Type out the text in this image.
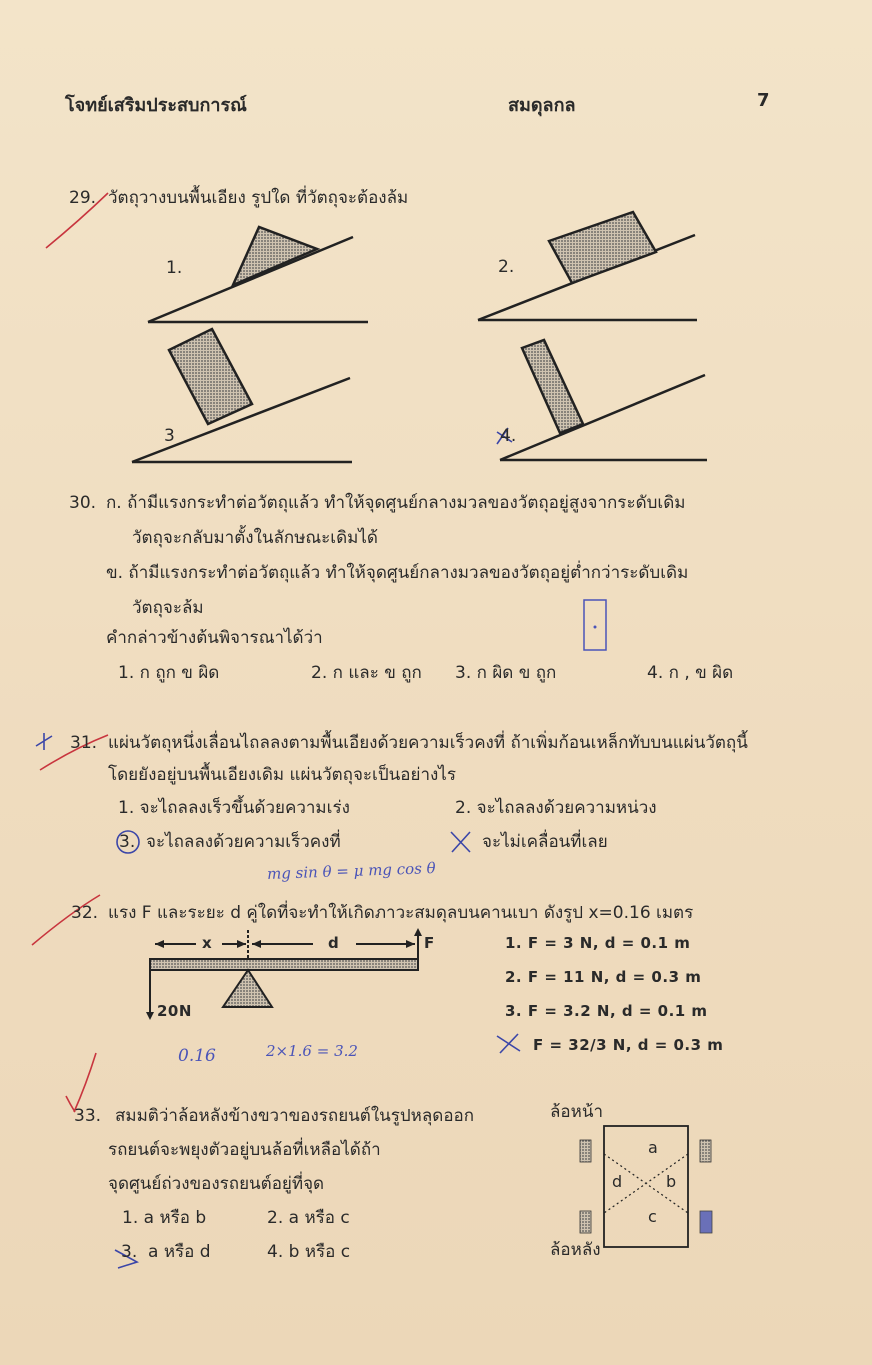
โจทย์เสริมประสบการณ์	สมดุลกล	7
29. วัตถุวางบนพื้นเอียง รูปใด ที่วัตถุจะต้องล้ม
1.	2.
3	4.
30. ก. ถ้ามีแรงกระทำต่อวัตถุแล้ว ทำให้จุดศูนย์กลางมวลของวัตถุอยู่สูงจากระดับเดิม
วัตถุจะกลับมาตั้งในลักษณะเดิมได้
ข. ถ้ามีแรงกระทำต่อวัตถุแล้ว ทำให้จุดศูนย์กลางมวลของวัตถุอยู่ต่ำกว่าระดับเดิม
วัตถุจะล้ม
คำกล่าวข้างต้นพิจารณาได้ว่า
1. ก ถูก ข ผิด	2. ก และ ข ถูก 3. ก ผิด ข ถูก	4. ก , ข ผิด
31. แผ่นวัตถุหนึ่งเลื่อนไถลลงตามพื้นเอียงด้วยความเร็วคงที่ ถ้าเพิ่มก้อนเหล็กทับบนแผ่นวัตถุนี้
โดยยังอยู่บนพื้นเอียงเดิม แผ่นวัตถุจะเป็นอย่างไร
1. จะไถลลงเร็วขึ้นด้วยความเร่ง	2. จะไถลลงด้วยความหน่วง
3. จะไถลลงด้วยความเร็วคงที่	จะไม่เคลื่อนที่เลย
mg sin θ = μ mg cos θ
32. แรง F และระยะ d คู่ใดที่จะทำให้เกิดภาวะสมดุลบนคานเบา ดังรูป x=0.16 เมตร
x	d	F
20N
1. F = 3 N, d = 0.1 m
2. F = 11 N, d = 0.3 m
3. F = 3.2 N, d = 0.1 m
F = 32/3 N, d = 0.3 m
0.16	2×1.6 = 3.2
33. สมมติว่าล้อหลังข้างขวาของรถยนต์ในรูปหลุดออก
รถยนต์จะพยุงตัวอยู่บนล้อที่เหลือได้ถ้า
จุดศูนย์ถ่วงของรถยนต์อยู่ที่จุด
1. a หรือ b	2. a หรือ c
3. a หรือ d	4. b หรือ c
ล้อหน้า
ล้อหลัง
a
b
c
d
